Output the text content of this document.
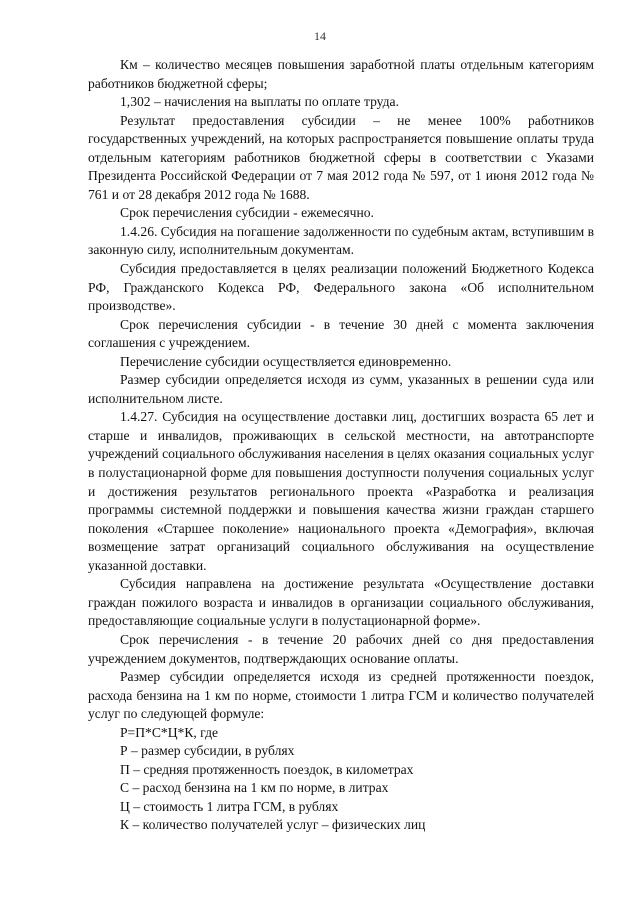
14

Км – количество месяцев повышения заработной платы отдельным категориям работников бюджетной сферы;

1,302 – начисления на выплаты по оплате труда.

Результат предоставления субсидии – не менее 100% работников государственных учреждений, на которых распространяется повышение оплаты труда отдельным категориям работников бюджетной сферы в соответствии с Указами Президента Российской Федерации от 7 мая 2012 года № 597, от 1 июня 2012 года № 761 и от 28 декабря 2012 года № 1688.

Срок перечисления субсидии - ежемесячно.

1.4.26. Субсидия на погашение задолженности по судебным актам, вступившим в законную силу, исполнительным документам.

Субсидия предоставляется в целях реализации положений Бюджетного Кодекса РФ, Гражданского Кодекса РФ, Федерального закона «Об исполнительном производстве».

Срок перечисления субсидии - в течение 30 дней с момента заключения соглашения с учреждением.

Перечисление субсидии осуществляется единовременно.

Размер субсидии определяется исходя из сумм, указанных в решении суда или исполнительном листе.

1.4.27. Субсидия на осуществление доставки лиц, достигших возраста 65 лет и старше и инвалидов, проживающих в сельской местности, на автотранспорте учреждений социального обслуживания населения в целях оказания социальных услуг в полустационарной форме для повышения доступности получения социальных услуг и достижения результатов регионального проекта «Разработка и реализация программы системной поддержки и повышения качества жизни граждан старшего поколения «Старшее поколение» национального проекта «Демография», включая возмещение затрат организаций социального обслуживания на осуществление указанной доставки.

Субсидия направлена на достижение результата «Осуществление доставки граждан пожилого возраста и инвалидов в организации социального обслуживания, предоставляющие социальные услуги в полустационарной форме».

Срок перечисления - в течение 20 рабочих дней со дня предоставления учреждением документов, подтверждающих основание оплаты.

Размер субсидии определяется исходя из средней протяженности поездок, расхода бензина на 1 км по норме, стоимости 1 литра ГСМ и количество получателей услуг по следующей формуле:

Р=П*С*Ц*К, где

Р – размер субсидии, в рублях

П – средняя протяженность поездок, в километрах

С – расход бензина на 1 км по норме, в литрах

Ц – стоимость 1 литра ГСМ, в рублях

К – количество получателей услуг – физических лиц
